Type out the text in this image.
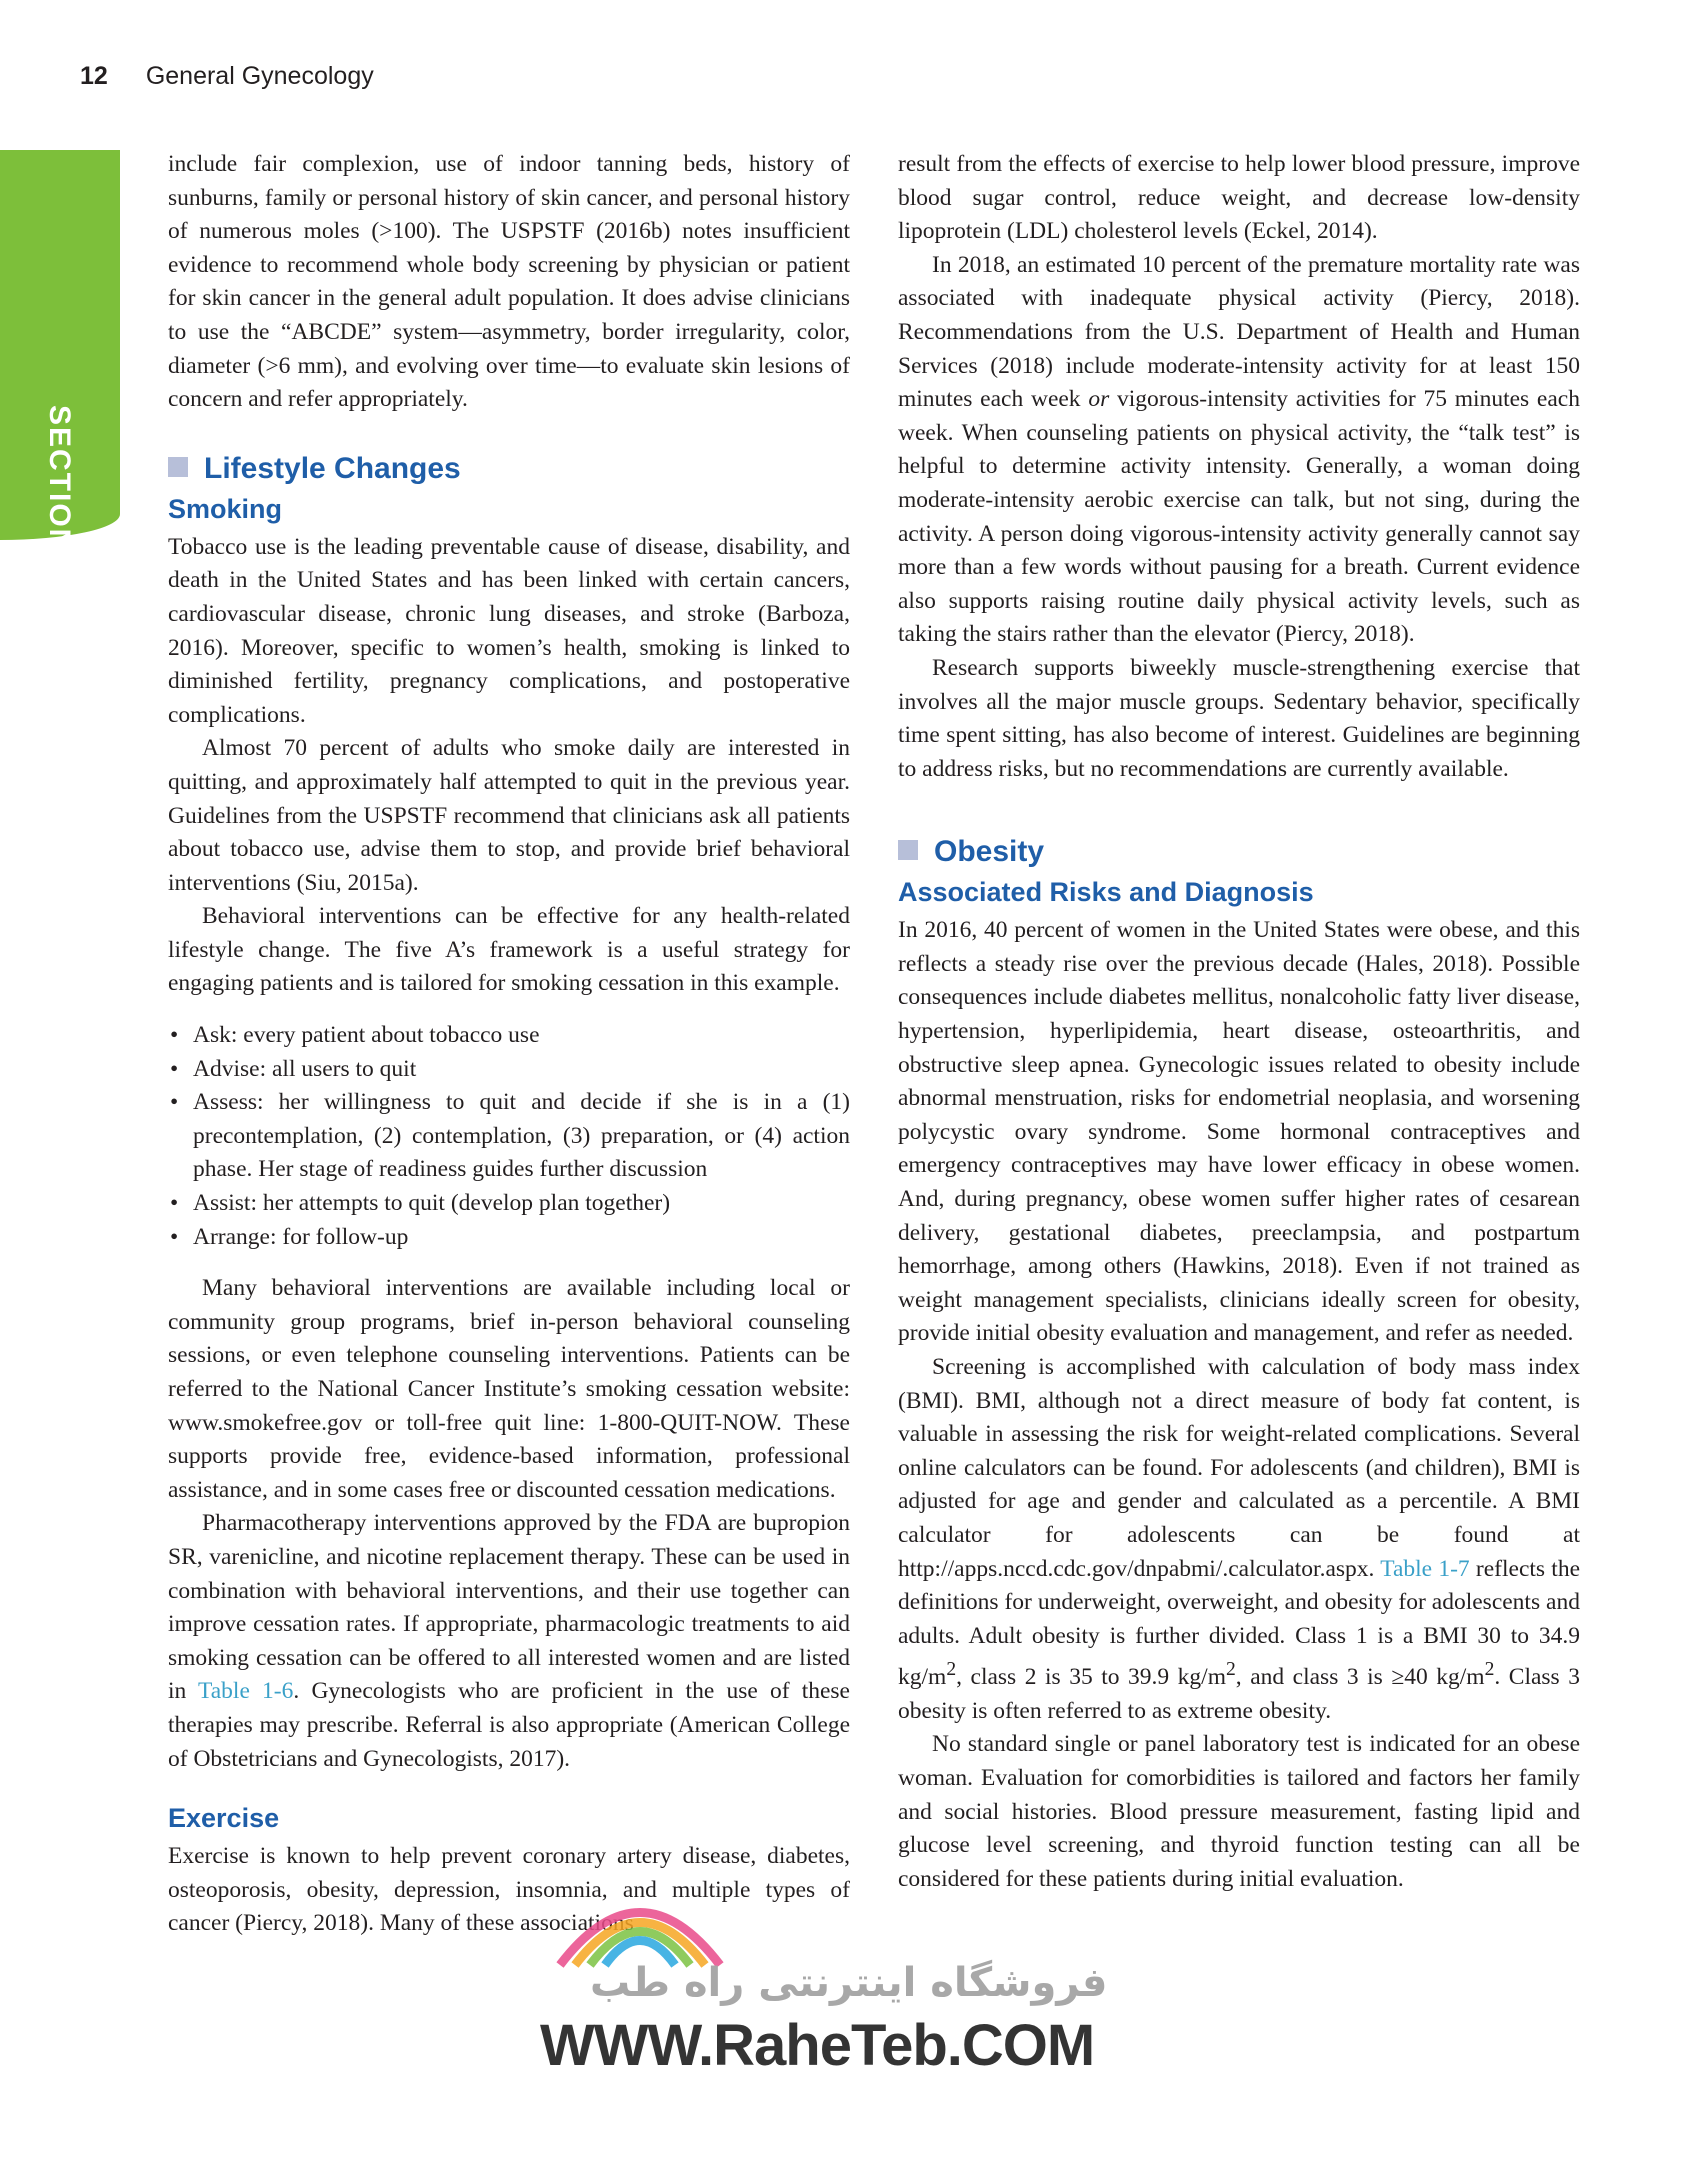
12 General Gynecology
SECTION 1

include fair complexion, use of indoor tanning beds, history of sunburns, family or personal history of skin cancer, and personal history of numerous moles (>100). The USPSTF (2016b) notes insufficient evidence to recommend whole body screening by physician or patient for skin cancer in the general adult population. It does advise clinicians to use the “ABCDE” system—asymmetry, border irregularity, color, diameter (>6 mm), and evolving over time—to evaluate skin lesions of concern and refer appropriately.

Lifestyle Changes
Smoking

Tobacco use is the leading preventable cause of disease, disability, and death in the United States and has been linked with certain cancers, cardiovascular disease, chronic lung diseases, and stroke (Barboza, 2016). Moreover, specific to women’s health, smoking is linked to diminished fertility, pregnancy complications, and postoperative complications.

Almost 70 percent of adults who smoke daily are interested in quitting, and approximately half attempted to quit in the previous year. Guidelines from the USPSTF recommend that clinicians ask all patients about tobacco use, advise them to stop, and provide brief behavioral interventions (Siu, 2015a).

Behavioral interventions can be effective for any health-related lifestyle change. The five A’s framework is a useful strategy for engaging patients and is tailored for smoking cessation in this example.

• Ask: every patient about tobacco use
• Advise: all users to quit
• Assess: her willingness to quit and decide if she is in a (1) precontemplation, (2) contemplation, (3) preparation, or (4) action phase. Her stage of readiness guides further discussion
• Assist: her attempts to quit (develop plan together)
• Arrange: for follow-up

Many behavioral interventions are available including local or community group programs, brief in-person behavioral counseling sessions, or even telephone counseling interventions. Patients can be referred to the National Cancer Institute’s smoking cessation website: www.smokefree.gov or toll-free quit line: 1-800-QUIT-NOW. These supports provide free, evidence-based information, professional assistance, and in some cases free or discounted cessation medications.

Pharmacotherapy interventions approved by the FDA are bupropion SR, varenicline, and nicotine replacement therapy. These can be used in combination with behavioral interventions, and their use together can improve cessation rates. If appropriate, pharmacologic treatments to aid smoking cessation can be offered to all interested women and are listed in Table 1-6. Gynecologists who are proficient in the use of these therapies may prescribe. Referral is also appropriate (American College of Obstetricians and Gynecologists, 2017).

Exercise

Exercise is known to help prevent coronary artery disease, diabetes, osteoporosis, obesity, depression, insomnia, and multiple types of cancer (Piercy, 2018). Many of these associations

result from the effects of exercise to help lower blood pressure, improve blood sugar control, reduce weight, and decrease low-density lipoprotein (LDL) cholesterol levels (Eckel, 2014).

In 2018, an estimated 10 percent of the premature mortality rate was associated with inadequate physical activity (Piercy, 2018). Recommendations from the U.S. Department of Health and Human Services (2018) include moderate-intensity activity for at least 150 minutes each week or vigorous-intensity activities for 75 minutes each week. When counseling patients on physical activity, the “talk test” is helpful to determine activity intensity. Generally, a woman doing moderate-intensity aerobic exercise can talk, but not sing, during the activity. A person doing vigorous-intensity activity generally cannot say more than a few words without pausing for a breath. Current evidence also supports raising routine daily physical activity levels, such as taking the stairs rather than the elevator (Piercy, 2018).

Research supports biweekly muscle-strengthening exercise that involves all the major muscle groups. Sedentary behavior, specifically time spent sitting, has also become of interest. Guidelines are beginning to address risks, but no recommendations are currently available.

Obesity
Associated Risks and Diagnosis

In 2016, 40 percent of women in the United States were obese, and this reflects a steady rise over the previous decade (Hales, 2018). Possible consequences include diabetes mellitus, nonalcoholic fatty liver disease, hypertension, hyperlipidemia, heart disease, osteoarthritis, and obstructive sleep apnea. Gynecologic issues related to obesity include abnormal menstruation, risks for endometrial neoplasia, and worsening polycystic ovary syndrome. Some hormonal contraceptives and emergency contraceptives may have lower efficacy in obese women. And, during pregnancy, obese women suffer higher rates of cesarean delivery, gestational diabetes, preeclampsia, and postpartum hemorrhage, among others (Hawkins, 2018). Even if not trained as weight management specialists, clinicians ideally screen for obesity, provide initial obesity evaluation and management, and refer as needed.

Screening is accomplished with calculation of body mass index (BMI). BMI, although not a direct measure of body fat content, is valuable in assessing the risk for weight-related complications. Several online calculators can be found. For adolescents (and children), BMI is adjusted for age and gender and calculated as a percentile. A BMI calculator for adolescents can be found at http://apps.nccd.cdc.gov/dnpabmi/.calculator.aspx. Table 1-7 reflects the definitions for underweight, overweight, and obesity for adolescents and adults. Adult obesity is further divided. Class 1 is a BMI 30 to 34.9 $kg/m^2$, class 2 is 35 to 39.9 $kg/m^2$, and class 3 is ≥40 $kg/m^2$. Class 3 obesity is often referred to as extreme obesity.

No standard single or panel laboratory test is indicated for an obese woman. Evaluation for comorbidities is tailored and factors her family and social histories. Blood pressure measurement, fasting lipid and glucose level screening, and thyroid function testing can all be considered for these patients during initial evaluation.

فروشگاه اینترنتی راه طب
WWW.RaheTeb.COM
